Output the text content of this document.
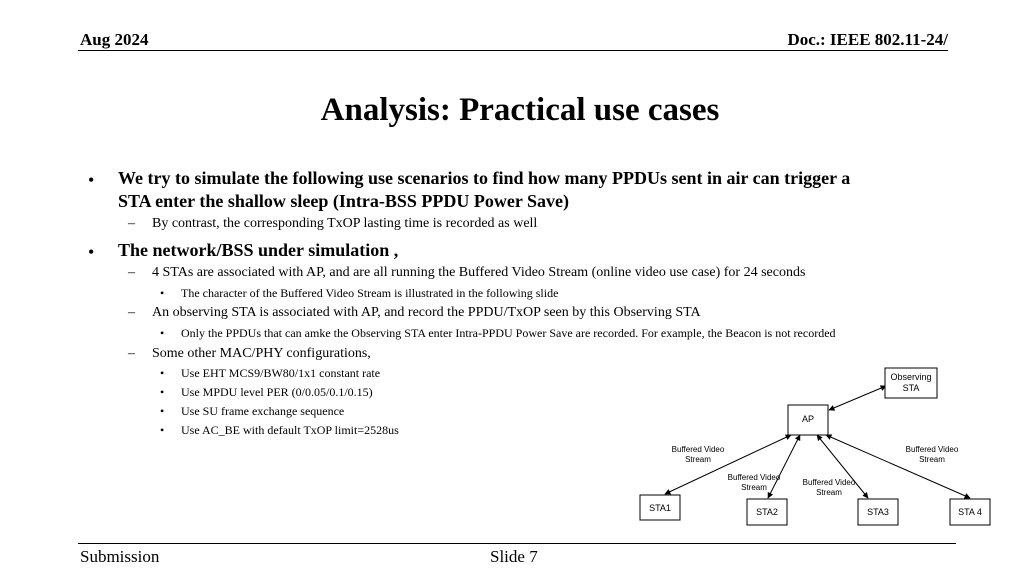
Aug 2024	Doc.: IEEE 802.11-24/
Analysis: Practical use cases
• We try to simulate the following use scenarios to find how many PPDUs sent in air can trigger a
STA enter the shallow sleep (Intra-BSS PPDU Power Save)
– By contrast, the corresponding TxOP lasting time is recorded as well
• The network/BSS under simulation ,
– 4 STAs are associated with AP, and are all running the Buffered Video Stream (online video use case) for 24 seconds
• The character of the Buffered Video Stream is illustrated in the following slide
– An observing STA is associated with AP, and record the PPDU/TxOP seen by this Observing STA
• Only the PPDUs that can amke the Observing STA enter Intra-PPDU Power Save are recorded. For example, the Beacon is not recorded
– Some other MAC/PHY configurations,
• Use EHT MCS9/BW80/1x1 constant rate
• Use MPDU level PER (0/0.05/0.1/0.15)
• Use SU frame exchange sequence
• Use AC_BE with default TxOP limit=2528us
AP
Observing
STA
STA1	STA2	STA3	STA 4
Buffered Video
Stream
Buffered Video
Stream
Buffered Video
Stream
Buffered Video
Stream
Submission	Slide 7
